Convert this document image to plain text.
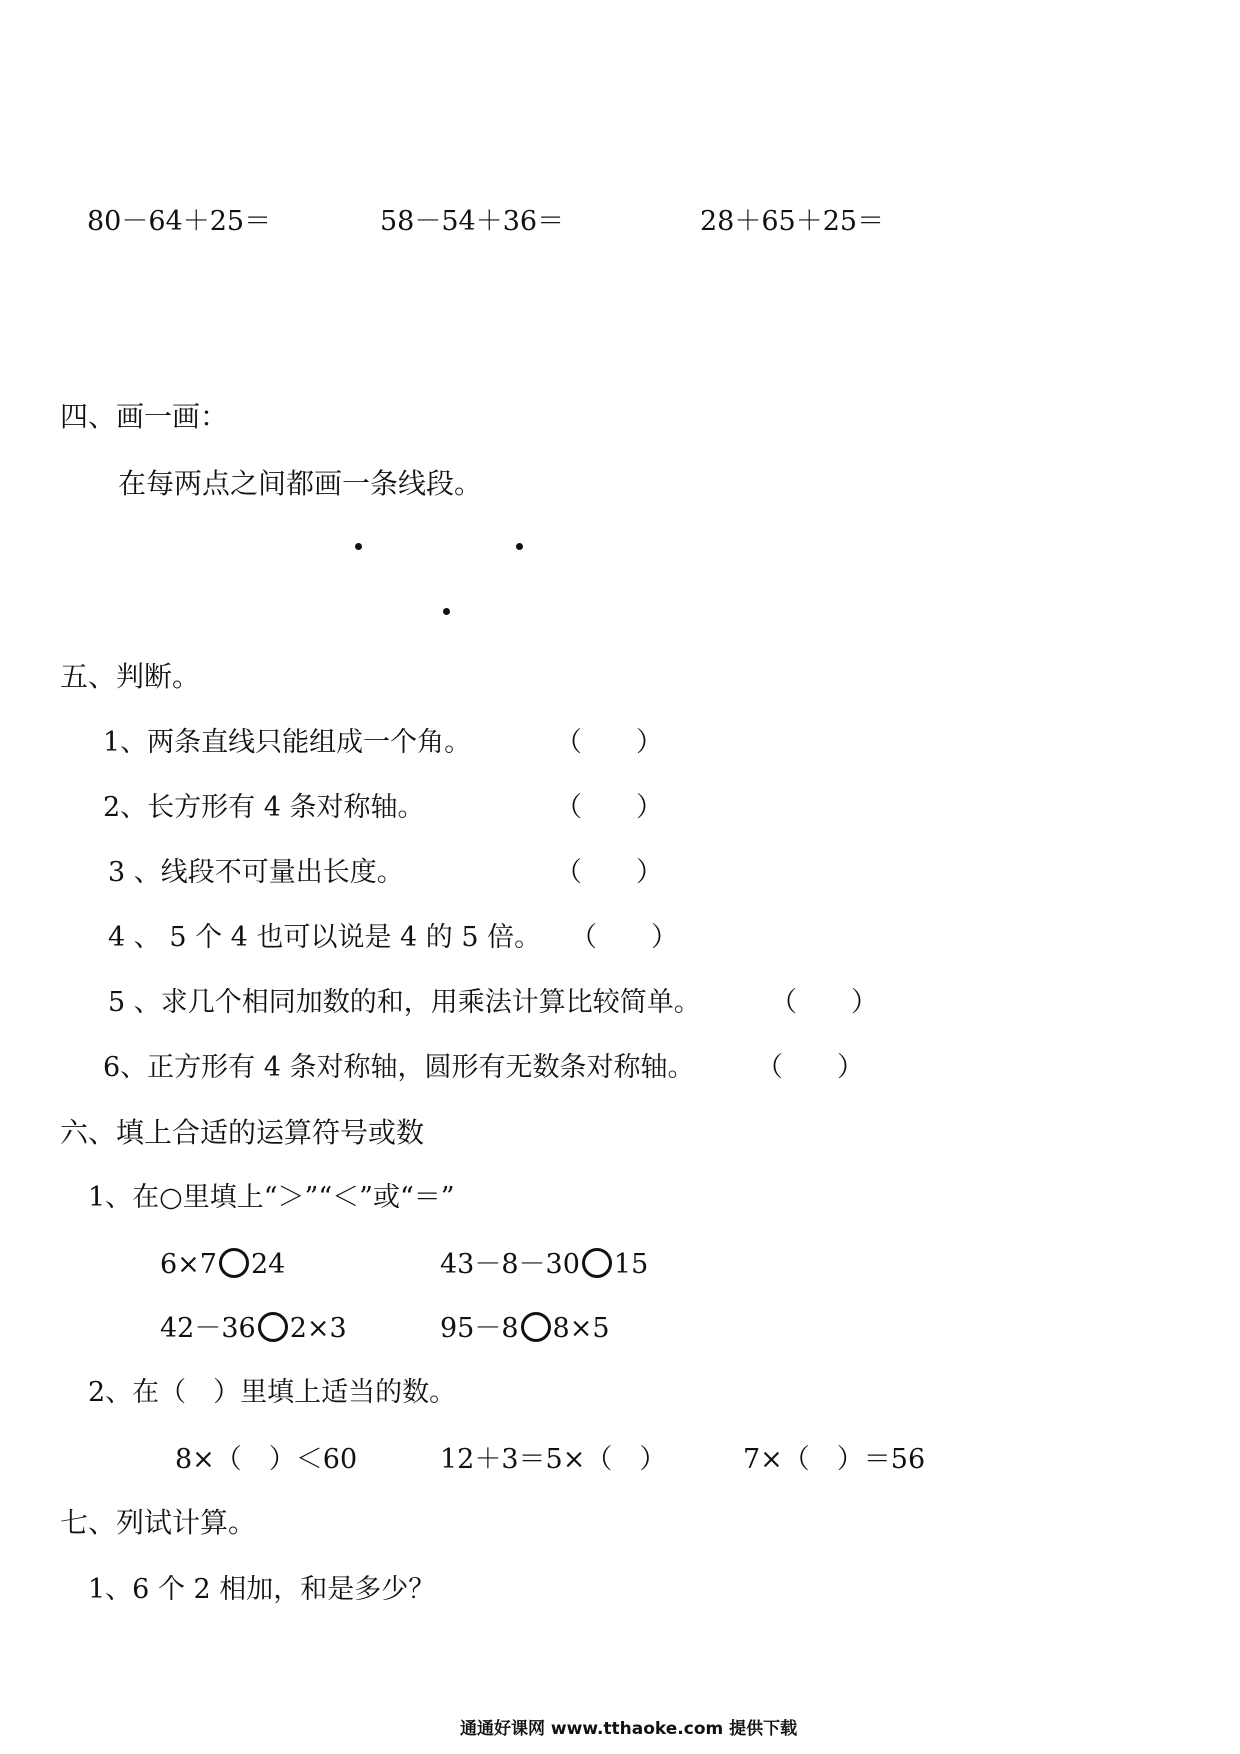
80－64＋25＝	58－54＋36＝	28＋65＋25＝
四、画一画：
在每两点之间都画一条线段。
五、判断。
1、两条直线只能组成一个角。	（　　）
2、长方形有 4 条对称轴。	（　　）
3 、线段不可量出长度。	（　　）
4 、 5 个 4 也可以说是 4 的 5 倍。 （　　）
5 、求几个相同加数的和，用乘法计算比较简单。	（　　）
6、正方形有 4 条对称轴，圆形有无数条对称轴。 （　　）
六、填上合适的运算符号或数
1、在○里填上“＞”“＜”或“＝”
6×7 24	43－8－30 15
42－36 2×3	95－8 8×5
2、在（　）里填上适当的数。
8×（　）＜60	12＋3＝5×（　）	7×（　）＝56
七、列试计算。
1、6 个 2 相加，和是多少？
通通好课网 www.tthaoke.com 提供下载
